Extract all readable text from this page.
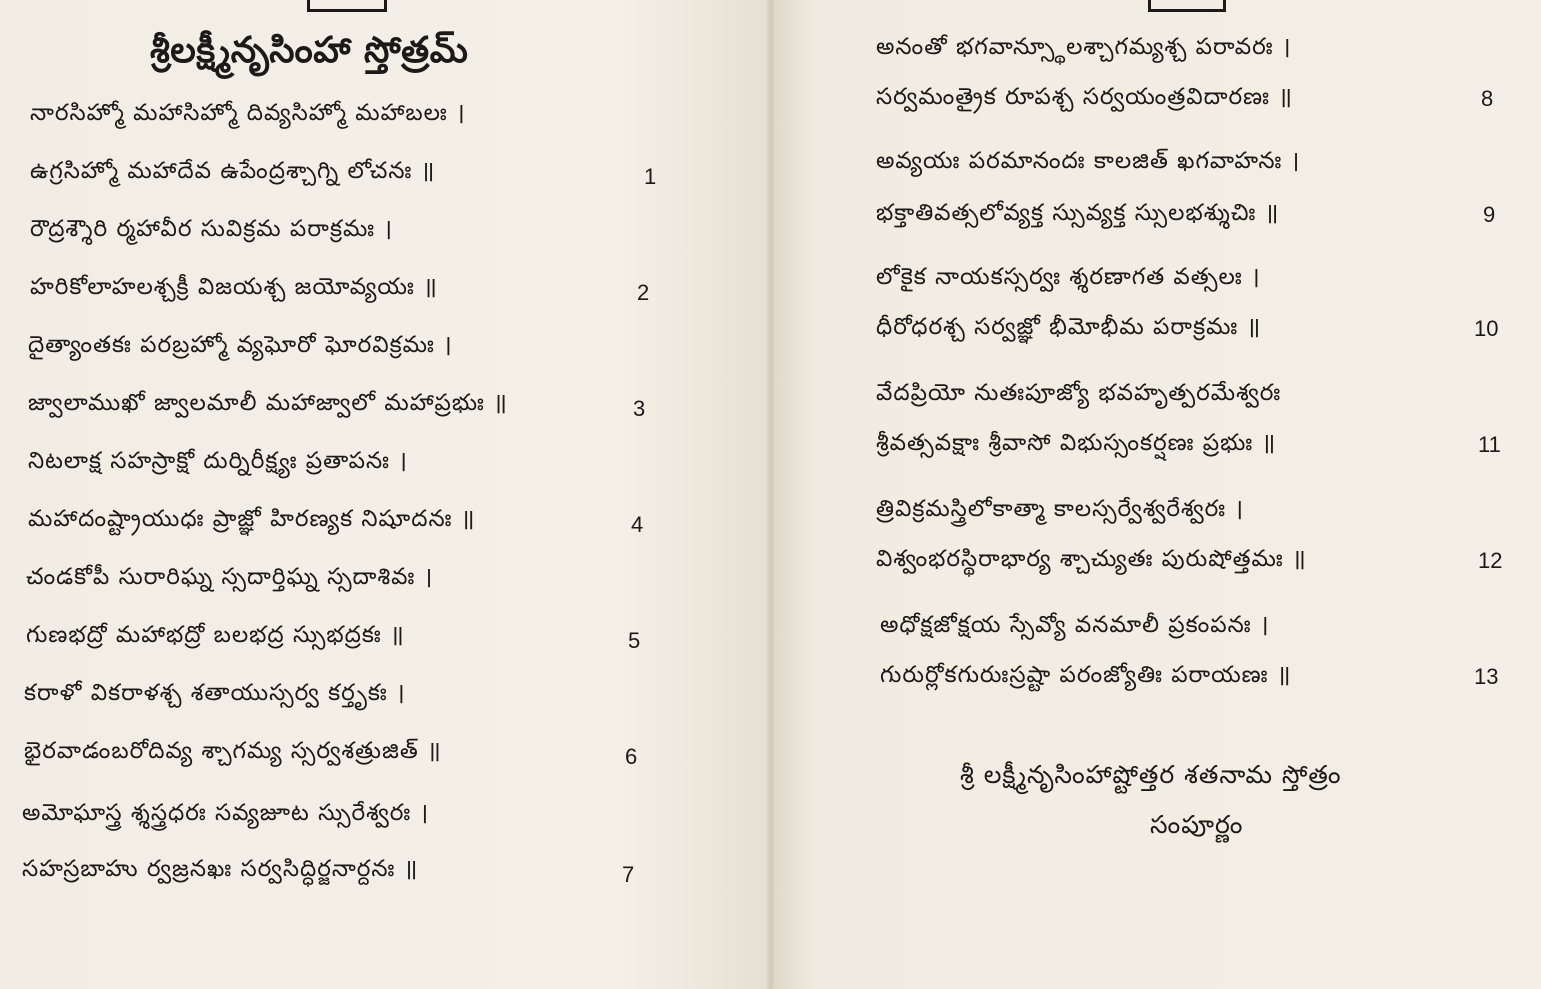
శ్రీలక్ష్మీనృసింహా స్తోత్రమ్
నారసిహ్మో మహాసిహ్మో దివ్యసిహ్మో మహాబలః ।
ఉగ్రసిహ్మో మహాదేవ ఉపేంద్రశ్చాగ్ని లోచనః ॥	1
రౌద్రశ్శౌరి ర్మహావీర సువిక్రమ పరాక్రమః ।
హరికోలాహలశ్చక్రీ విజయశ్చ జయోవ్యయః ॥	2
దైత్యాంతకః పరబ్రహ్మో వ్యఘోరో ఘోరవిక్రమః ।
జ్వాలాముఖో జ్వాలమాలీ మహాజ్వాలో మహాప్రభుః ॥	3
నిటలాక్ష సహస్రాక్షో దుర్నిరీక్ష్యః ప్రతాపనః ।
మహాదంష్ట్రాయుధః ప్రాజ్ఞో హిరణ్యక నిషూదనః ॥	4
చండకోపీ సురారిఘ్న స్సదార్తిఘ్న స్సదాశివః ।
గుణభద్రో మహాభద్రో బలభద్ర స్సుభద్రకః ॥	5
కరాళో వికరాళశ్చ శతాయుస్సర్వ కర్తృకః ।
భైరవాడంబరోదివ్య శ్చాగమ్య స్సర్వశత్రుజిత్ ॥	6
అమోఘాస్త్ర శ్శస్త్రధరః సవ్యజూట స్సురేశ్వరః ।
సహస్రబాహు ర్వజ్రనఖః సర్వసిద్ధిర్జనార్దనః ॥	7
అనంతో భగవాన్స్థూలశ్చాగమ్యశ్చ పరావరః ।
సర్వమంత్రైక రూపశ్చ సర్వయంత్రవిదారణః ॥	8
అవ్యయః పరమానందః కాలజిత్ ఖగవాహనః ।
భక్తాతివత్సలోవ్యక్త స్సువ్యక్త స్సులభశ్శుచిః ॥	9
లోకైక నాయకస్సర్వః శ్శరణాగత వత్సలః ।
ధీరోధరశ్చ సర్వజ్ఞో భీమోభీమ పరాక్రమః ॥	10
వేదప్రియో నుతఃపూజ్యో భవహృత్పరమేశ్వరః
శ్రీవత్సవక్షాః శ్రీవాసో విభుస్సంకర్షణః ప్రభుః ॥	11
త్రివిక్రమస్త్రిలోకాత్మా కాలస్సర్వేశ్వరేశ్వరః ।
విశ్వంభరస్థిరాభార్య శ్చాచ్యుతః పురుషోత్తమః ॥	12
అధోక్షజోక్షయ స్సేవ్యో వనమాలీ ప్రకంపనః ।
గురుర్లోకగురుఃస్రష్టా పరంజ్యోతిః పరాయణః ॥	13
శ్రీ లక్ష్మీనృసింహాష్టోత్తర శతనామ స్తోత్రం
సంపూర్ణం
